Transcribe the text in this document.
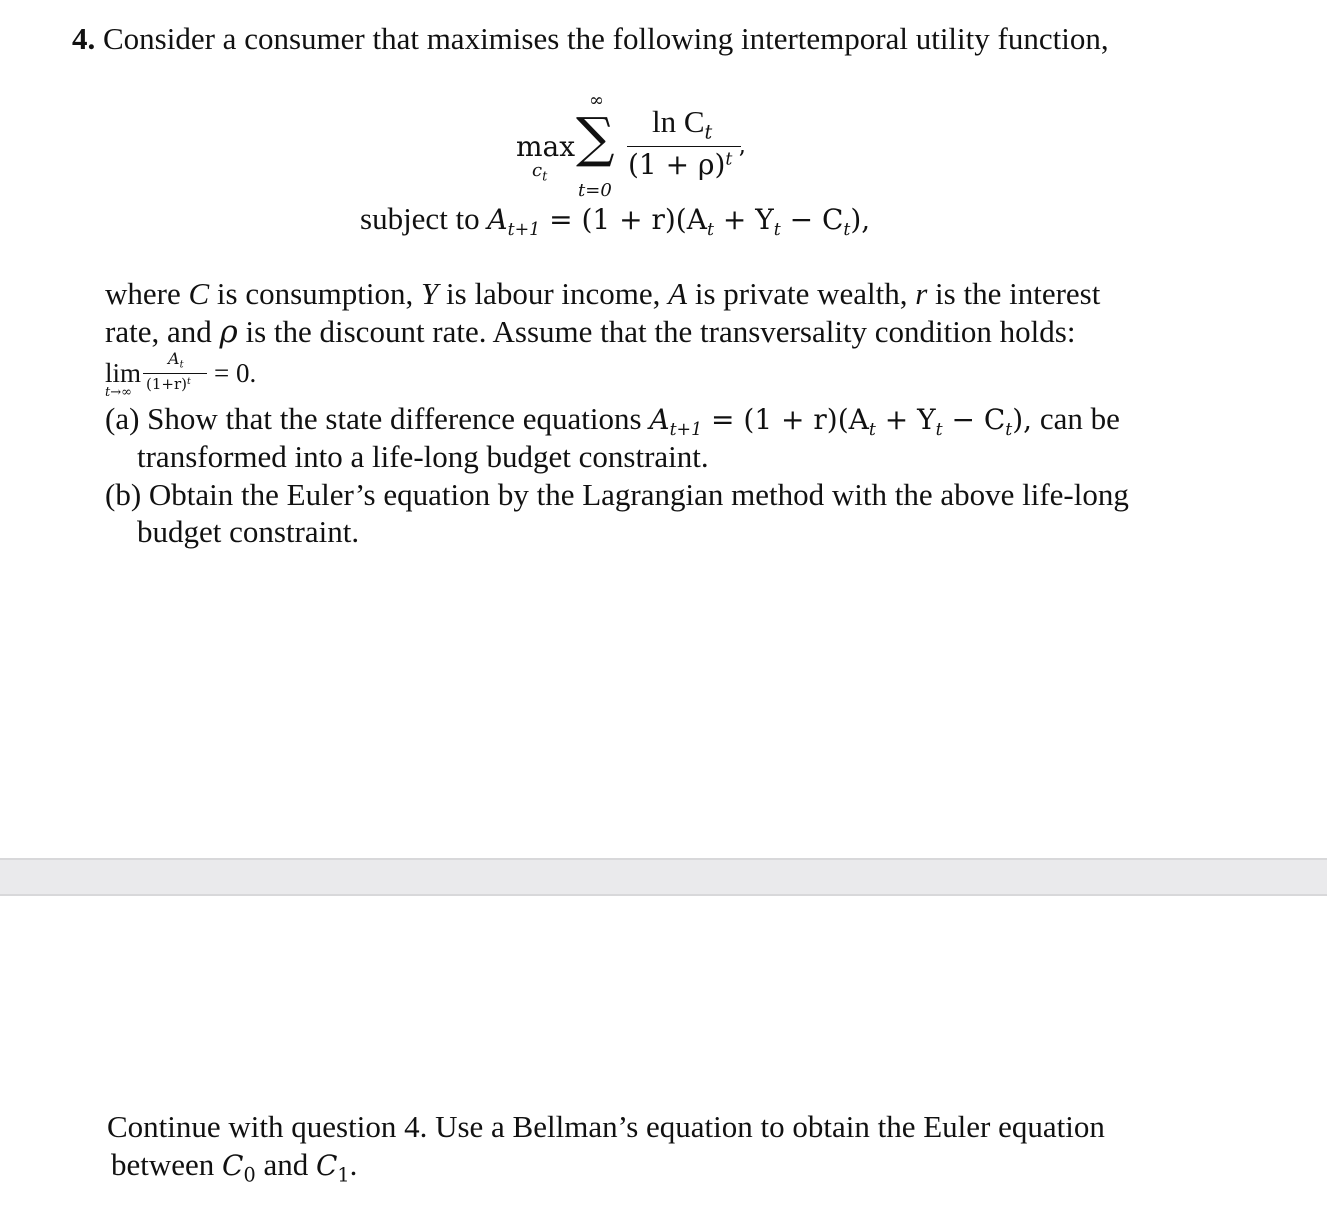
4. Consider a consumer that maximises the following intertemporal utility function,
max
$c_t$
∞
∑
t=0
$\ln C_t$
$(1 + \rho)^t$ ’
subject to $A_{t+1} = (1 + r)(A_t + Y_t - C_t)$,
where C is consumption, Y is labour income, A is private wealth, r is the interest
rate, and ρ is the discount rate. Assume that the transversality condition holds:
lim
t→∞
$A_t$
$(1+r)^t = 0$.
(a) Show that the state difference equations $A_{t+1} = (1 + r)(A_t + Y_t - C_t)$, can be
transformed into a life-long budget constraint.
(b) Obtain the Euler’s equation by the Lagrangian method with the above life-long
budget constraint.
Continue with question 4. Use a Bellman’s equation to obtain the Euler equation
between $C_0$ and $C_1$.
